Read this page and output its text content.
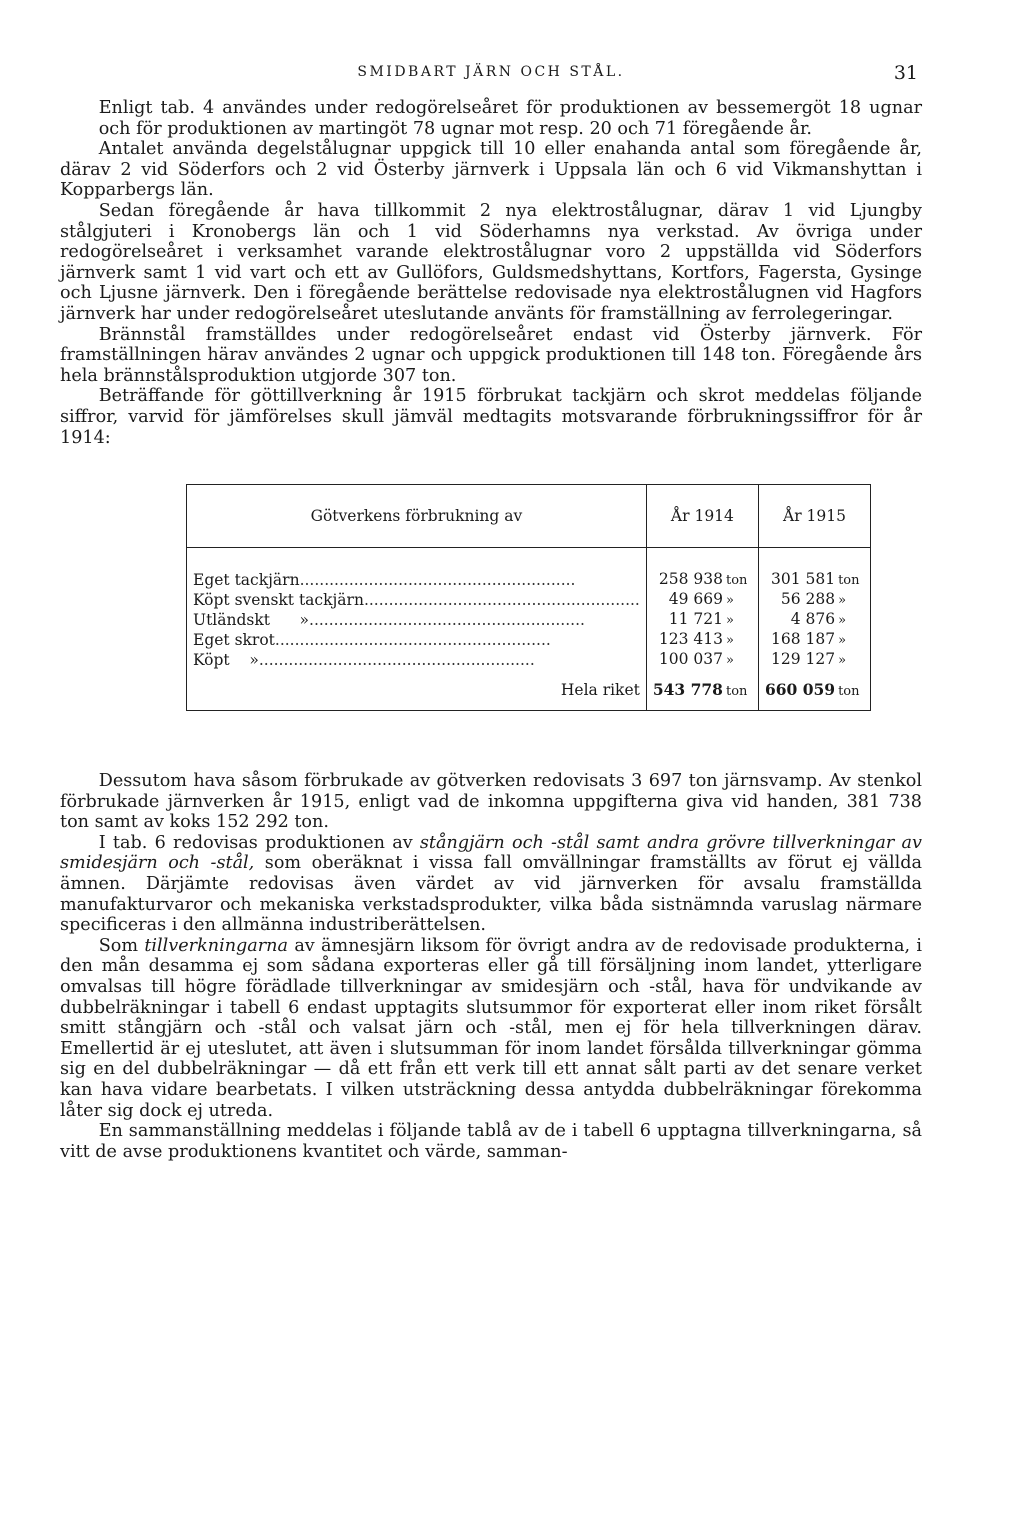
SMIDBART JÄRN OCH STÅL.	31

Enligt tab. 4 användes under redogörelseåret för produktionen av bessemergöt 18 ugnar och för produktionen av martingöt 78 ugnar mot resp. 20 och 71 föregående år.

Antalet använda degelstålugnar uppgick till 10 eller enahanda antal som föregående år, därav 2 vid Söderfors och 2 vid Österby järnverk i Uppsala län och 6 vid Vikmanshyttan i Kopparbergs län.

Sedan föregående år hava tillkommit 2 nya elektrostålugnar, därav 1 vid Ljungby stålgjuteri i Kronobergs län och 1 vid Söderhamns nya verkstad. Av övriga under redogörelseåret i verksamhet varande elektrostålugnar voro 2 uppställda vid Söderfors järnverk samt 1 vid vart och ett av Gullöfors, Guldsmedshyttans, Kortfors, Fagersta, Gysinge och Ljusne järnverk. Den i föregående berättelse redovisade nya elektrostålugnen vid Hagfors järnverk har under redogörelseåret uteslutande använts för framställning av ferrolegeringar.

Brännstål framställdes under redogörelseåret endast vid Österby järnverk. För framställningen härav användes 2 ugnar och uppgick produktionen till 148 ton. Föregående års hela brännstålsproduktion utgjorde 307 ton.

Beträffande för göttillverkning år 1915 förbrukat tackjärn och skrot meddelas följande siffror, varvid för jämförelses skull jämväl medtagits motsvarande förbrukningssiffror för år 1914:

Götverkens förbrukning av	År 1914	År 1915
Eget tackjärn........................................................	258 938 ton	301 581 ton
Köpt svenskt tackjärn........................................................	49 669 »	56 288 »
Utländskt      »........................................................	11 721 »	4 876 »
Eget skrot........................................................	123 413 »	168 187 »
Köpt    »........................................................	100 037 »	129 127 »
Hela riket	543 778 ton	660 059 ton

Dessutom hava såsom förbrukade av götverken redovisats 3 697 ton järnsvamp. Av stenkol förbrukade järnverken år 1915, enligt vad de inkomna uppgifterna giva vid handen, 381 738 ton samt av koks 152 292 ton.

I tab. 6 redovisas produktionen av stångjärn och -stål samt andra grövre tillverkningar av smidesjärn och -stål, som oberäknat i vissa fall omvällningar framställts av förut ej vällda ämnen. Därjämte redovisas även värdet av vid järnverken för avsalu framställda manufakturvaror och mekaniska verkstadsprodukter, vilka båda sistnämnda varuslag närmare specificeras i den allmänna industriberättelsen.

Som tillverkningarna av ämnesjärn liksom för övrigt andra av de redovisade produkterna, i den mån desamma ej som sådana exporteras eller gå till försäljning inom landet, ytterligare omvalsas till högre förädlade tillverkningar av smidesjärn och -stål, hava för undvikande av dubbelräkningar i tabell 6 endast upptagits slutsummor för exporterat eller inom riket försålt smitt stångjärn och -stål och valsat järn och -stål, men ej för hela tillverkningen därav. Emellertid är ej uteslutet, att även i slutsumman för inom landet försålda tillverkningar gömma sig en del dubbelräkningar — då ett från ett verk till ett annat sålt parti av det senare verket kan hava vidare bearbetats. I vilken utsträckning dessa antydda dubbelräkningar förekomma låter sig dock ej utreda.

En sammanställning meddelas i följande tablå av de i tabell 6 upptagna tillverkningarna, så vitt de avse produktionens kvantitet och värde, samman-
